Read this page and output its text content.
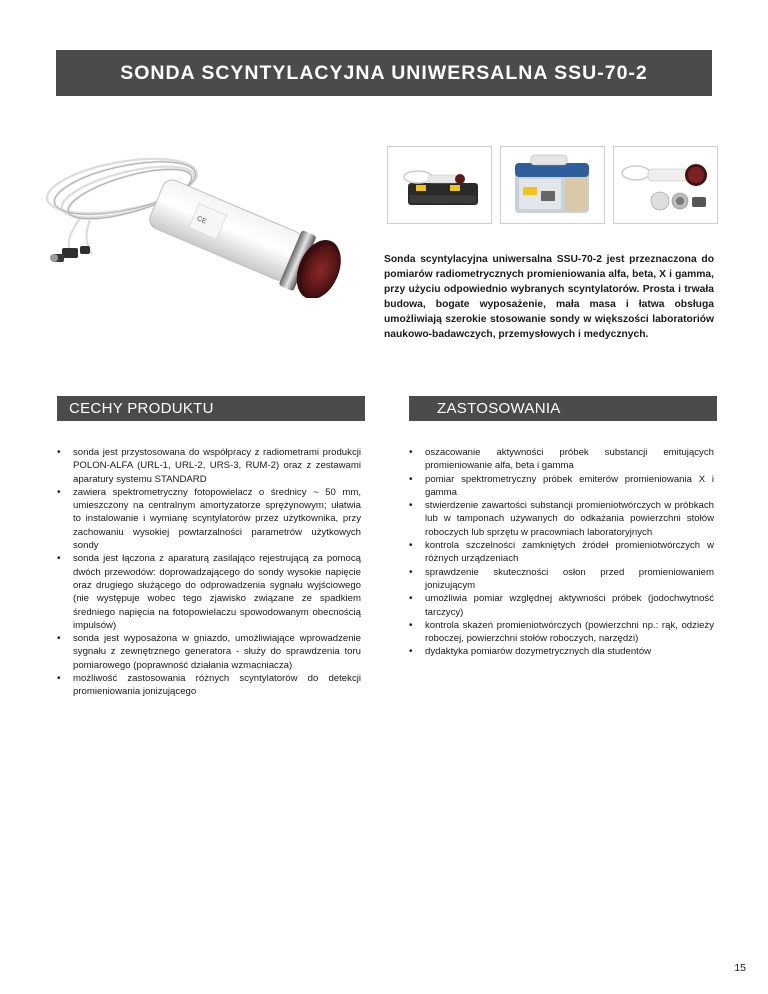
SONDA SCYNTYLACYJNA UNIWERSALNA SSU-70-2
CE

Sonda scyntylacyjna uniwersalna SSU-70-2 jest przeznaczona do pomiarów radiometrycznych promieniowania alfa, beta, X i gamma, przy użyciu odpowiednio wybranych scyntylatorów. Prosta i trwała budowa, bogate wyposażenie, mała masa i łatwa obsługa umożliwiają szerokie stosowanie sondy w większości laboratoriów naukowo-badawczych, przemysłowych i medycznych.

CECHY PRODUKTU
• sonda jest przystosowana do współpracy z radiometrami produkcji POLON-ALFA (URL-1, URL-2, URS-3, RUM-2) oraz z zestawami aparatury systemu STANDARD
• zawiera spektrometryczny fotopowielacz o średnicy ~ 50 mm, umieszczony na centralnym amortyzatorze sprężynowym; ułatwia to instalowanie i wymianę scyntylatorów przez użytkownika, przy zachowaniu wysokiej powtarzalności parametrów użytkowych sondy
• sonda jest łączona z aparaturą zasilająco rejestrującą za pomocą dwóch przewodów: doprowadzającego do sondy wysokie napięcie oraz drugiego służącego do odprowadzenia sygnału wyjściowego (nie występuje wobec tego zjawisko związane ze spadkiem średniego napięcia na fotopowielaczu spowodowanym obecnością impulsów)
• sonda jest wyposażona w gniazdo, umożliwiające wprowadzenie sygnału z zewnętrznego generatora - służy do sprawdzenia toru pomiarowego (poprawność działania wzmacniacza)
• możliwość zastosowania różnych scyntylatorów do detekcji promieniowania jonizującego
ZASTOSOWANIA
• oszacowanie aktywności próbek substancji emitujących promieniowanie alfa, beta i gamma
• pomiar spektrometryczny próbek emiterów promieniowania X i gamma
• stwierdzenie zawartości substancji promieniotwórczych w próbkach lub w tamponach używanych do odkażania powierzchni stołów roboczych lub sprzętu w pracowniach laboratoryjnych
• kontrola szczelności zamkniętych źródeł promieniotwórczych w różnych urządzeniach
• sprawdzenie skuteczności osłon przed promieniowaniem jonizującym
• umożliwia pomiar względnej aktywności próbek (jodochwytność tarczycy)
• kontrola skażeń promieniotwórczych (powierzchni np.: rąk, odzieży roboczej, powierzchni stołów roboczych, narzędzi)
• dydaktyka pomiarów dozymetrycznych dla studentów
15
